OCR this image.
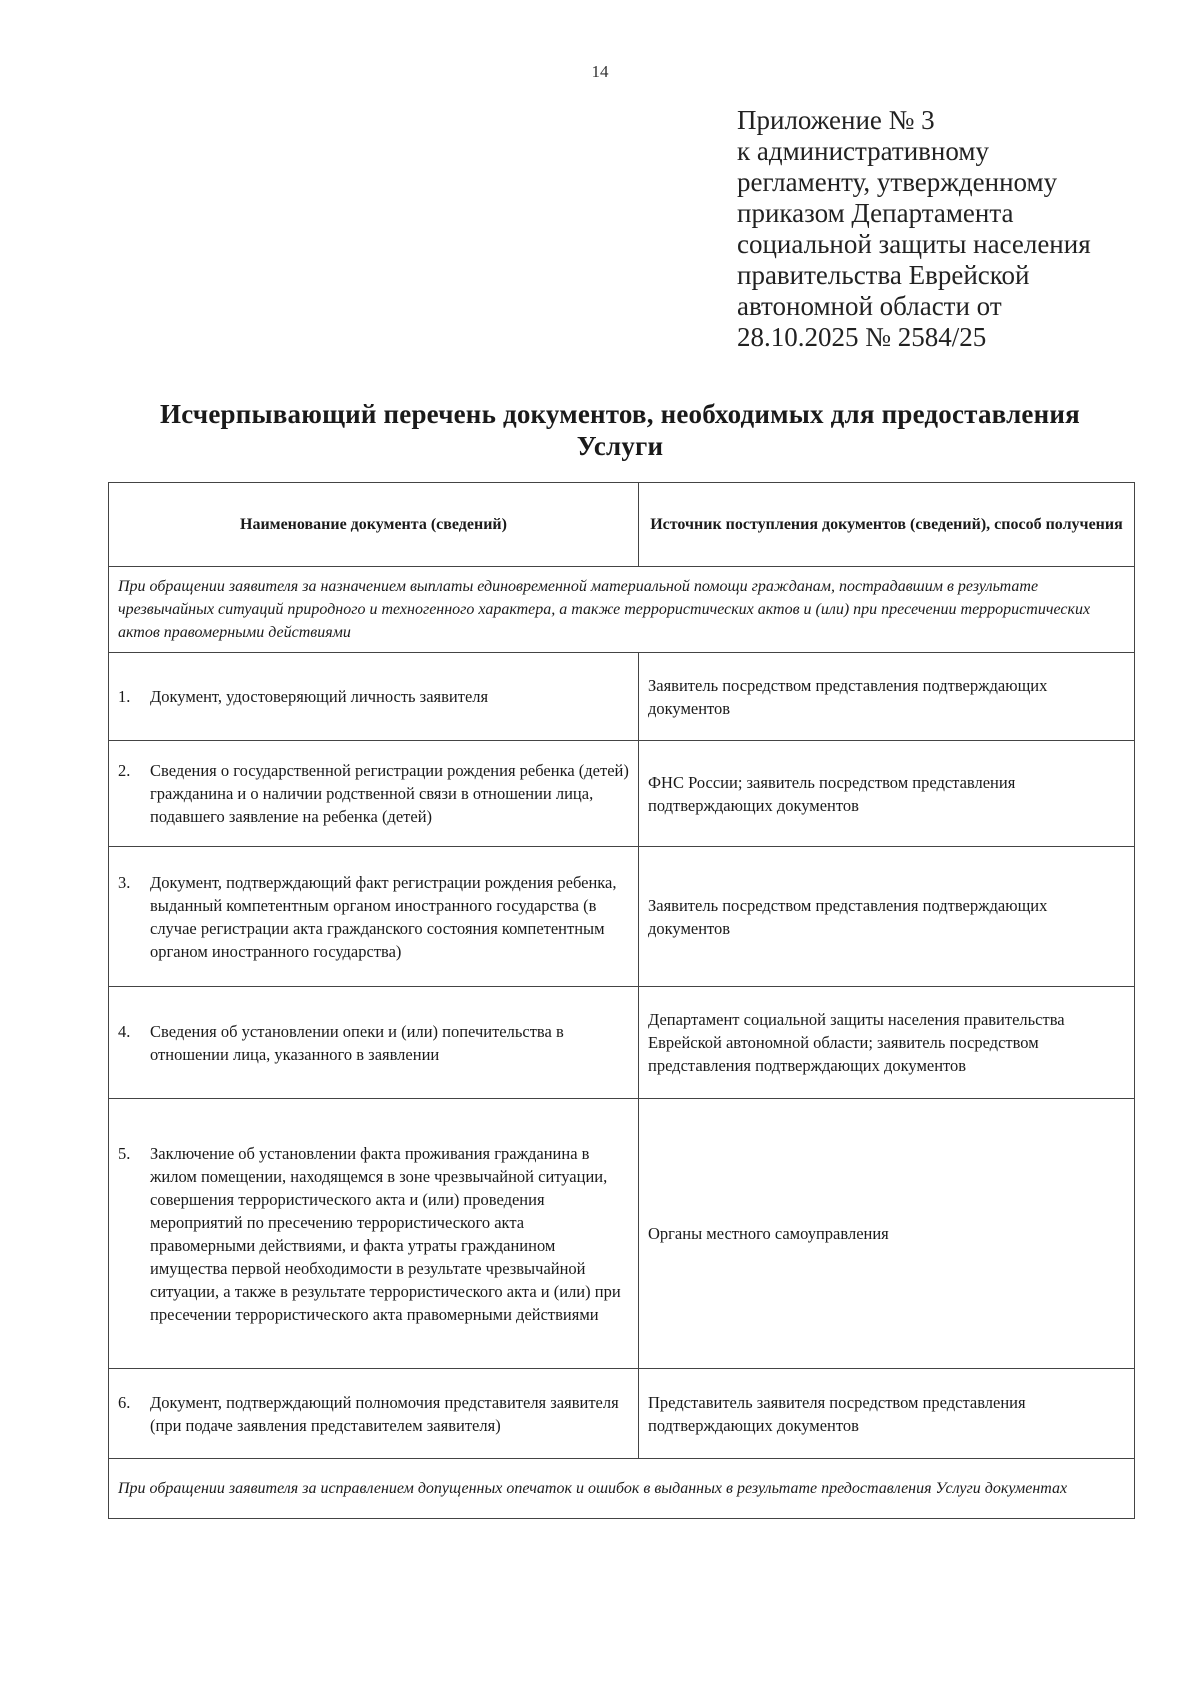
14
Приложение № 3
к административному
регламенту, утвержденному
приказом Департамента
социальной защиты населения
правительства Еврейской
автономной области от
28.10.2025 № 2584/25
Исчерпывающий перечень документов, необходимых для предоставления
Услуги
Наименование документа (сведений)	Источник поступления документов (сведений), способ получения
При обращении заявителя за назначением выплаты единовременной материальной помощи гражданам, пострадавшим в результате чрезвычайных ситуаций природного и техногенного характера, а также террористических актов и (или) при пресечении террористических актов правомерными действиями	

1. Документ, удостоверяющий личность заявителя	Заявитель посредством представления подтверждающих документов

2. Сведения о государственной регистрации рождения ребенка (детей) гражданина и о наличии родственной связи в отношении лица, подавшего заявление на ребенка (детей)	ФНС России; заявитель посредством представления подтверждающих документов

3. Документ, подтверждающий факт регистрации рождения ребенка, выданный компетентным органом иностранного государства (в случае регистрации акта гражданского состояния компетентным органом иностранного государства)	Заявитель посредством представления подтверждающих документов

4. Сведения об установлении опеки и (или) попечительства в отношении лица, указанного в заявлении	Департамент социальной защиты населения правительства Еврейской автономной области; заявитель посредством представления подтверждающих документов

5. Заключение об установлении факта проживания гражданина в жилом помещении, находящемся в зоне чрезвычайной ситуации, совершения террористического акта и (или) проведения мероприятий по пресечению террористического акта правомерными действиями, и факта утраты гражданином имущества первой необходимости в результате чрезвычайной ситуации, а также в результате террористического акта и (или) при пресечении террористического акта правомерными действиями	Органы местного самоуправления

6. Документ, подтверждающий полномочия представителя заявителя (при подаче заявления представителем заявителя)	Представитель заявителя посредством представления подтверждающих документов
При обращении заявителя за исправлением допущенных опечаток и ошибок в выданных в результате предоставления Услуги документах	
